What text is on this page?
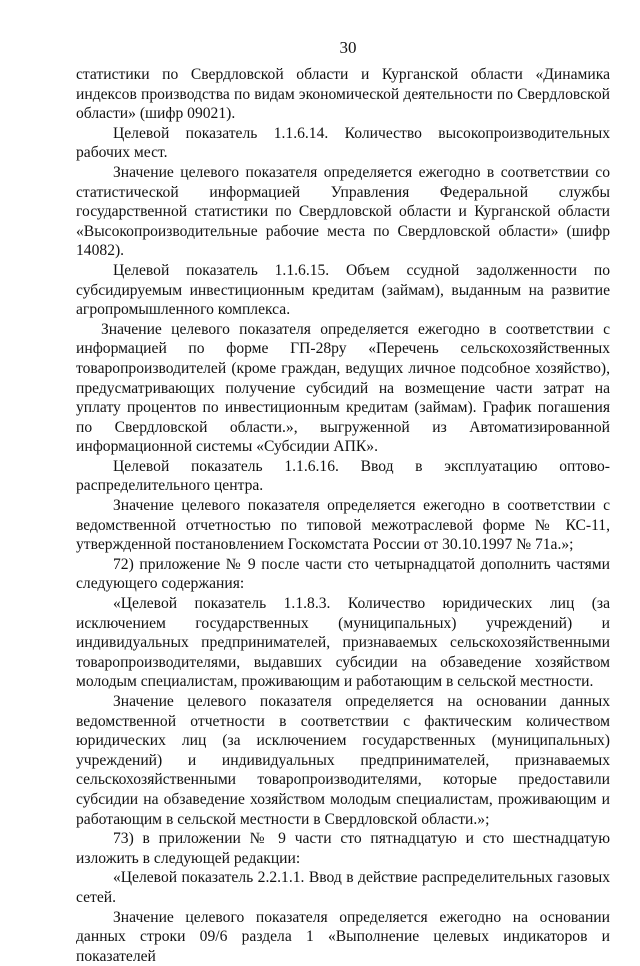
30

статистики по Свердловской области и Курганской области «Динамика индексов производства по видам экономической деятельности по Свердловской области» (шифр 09021).

Целевой показатель 1.1.6.14. Количество высокопроизводительных рабочих мест.

Значение целевого показателя определяется ежегодно в соответствии со статистической информацией Управления Федеральной службы государственной статистики по Свердловской области и Курганской области «Высокопроизводительные рабочие места по Свердловской области» (шифр 14082).

Целевой показатель 1.1.6.15. Объем ссудной задолженности по субсидируемым инвестиционным кредитам (займам), выданным на развитие агропромышленного комплекса.

Значение целевого показателя определяется ежегодно в соответствии с информацией по форме ГП-28ру «Перечень сельскохозяйственных товаропроизводителей (кроме граждан, ведущих личное подсобное хозяйство), предусматривающих получение субсидий на возмещение части затрат на уплату процентов по инвестиционным кредитам (займам). График погашения по Свердловской области.», выгруженной из Автоматизированной информационной системы «Субсидии АПК».

Целевой показатель 1.1.6.16. Ввод в эксплуатацию оптово-распределительного центра.

Значение целевого показателя определяется ежегодно в соответствии с ведомственной отчетностью по типовой межотраслевой форме № КС-11, утвержденной постановлением Госкомстата России от 30.10.1997 № 71а.»;

72) приложение № 9 после части сто четырнадцатой дополнить частями следующего содержания:

«Целевой показатель 1.1.8.3. Количество юридических лиц (за исключением государственных (муниципальных) учреждений) и индивидуальных предпринимателей, признаваемых сельскохозяйственными товаропроизводителями, выдавших субсидии на обзаведение хозяйством молодым специалистам, проживающим и работающим в сельской местности.

Значение целевого показателя определяется на основании данных ведомственной отчетности в соответствии с фактическим количеством юридических лиц (за исключением государственных (муниципальных) учреждений) и индивидуальных предпринимателей, признаваемых сельскохозяйственными товаропроизводителями, которые предоставили субсидии на обзаведение хозяйством молодым специалистам, проживающим и работающим в сельской местности в Свердловской области.»;

73) в приложении № 9 части сто пятнадцатую и сто шестнадцатую изложить в следующей редакции:

«Целевой показатель 2.2.1.1. Ввод в действие распределительных газовых сетей.

Значение целевого показателя определяется ежегодно на основании данных строки 09/6 раздела 1 «Выполнение целевых индикаторов и показателей
